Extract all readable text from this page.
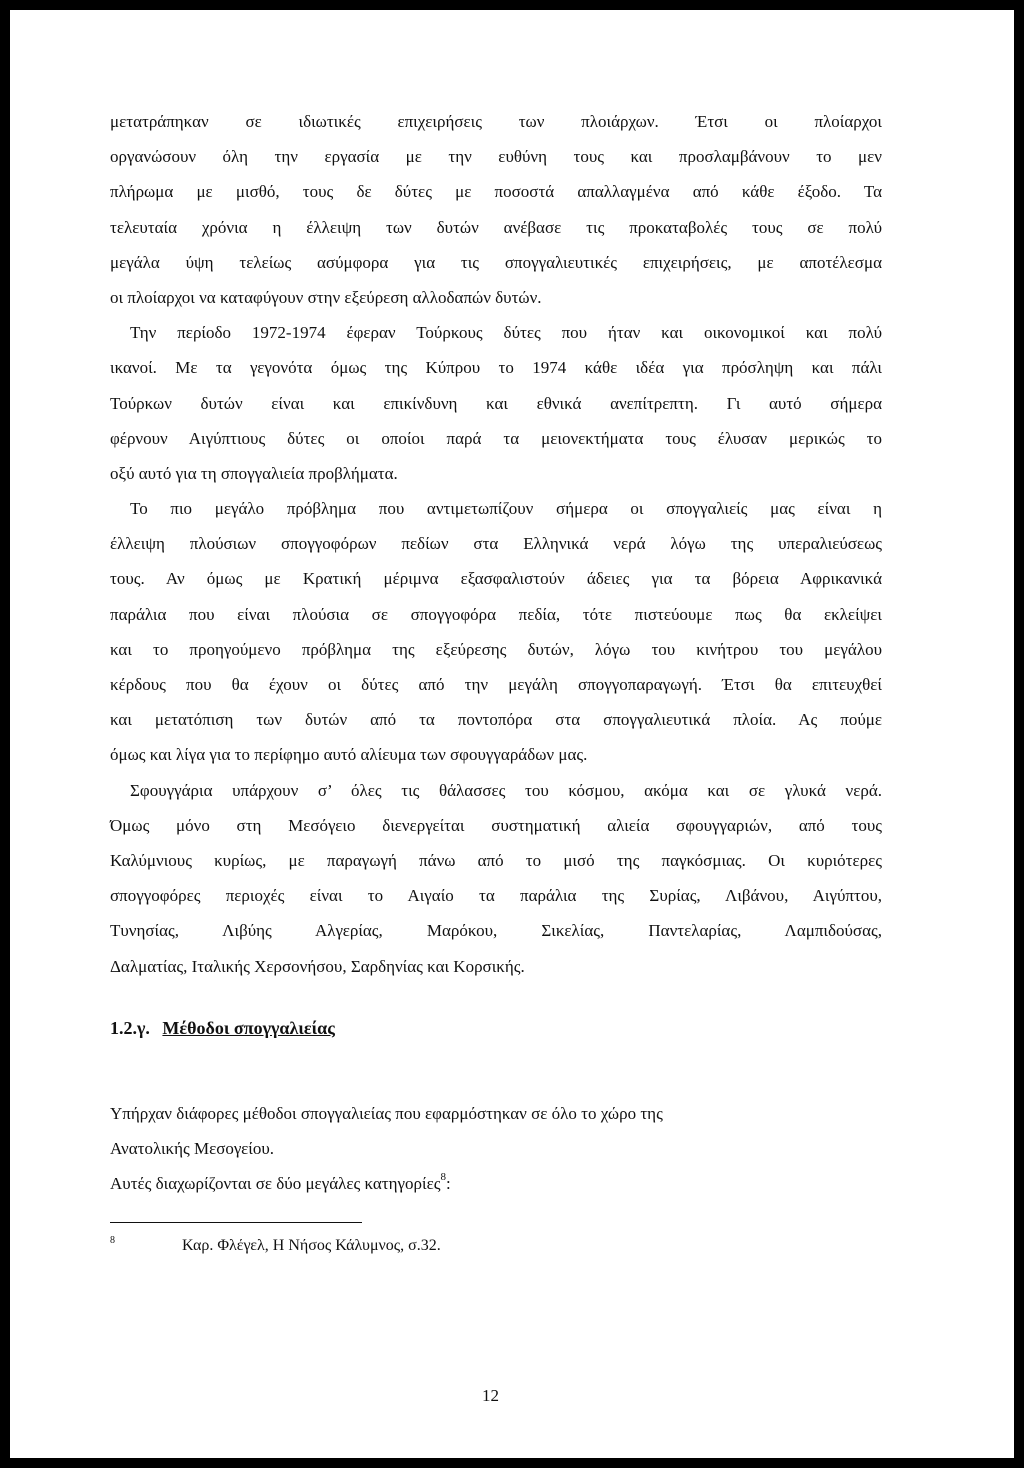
μετατράπηκαν σε ιδιωτικές επιχειρήσεις των πλοιάρχων. Έτσι οι πλοίαρχοι
οργανώσουν όλη την εργασία με την ευθύνη τους και προσλαμβάνουν το μεν
πλήρωμα με μισθό, τους δε δύτες με ποσοστά απαλλαγμένα από κάθε έξοδο. Τα
τελευταία χρόνια η έλλειψη των δυτών ανέβασε τις προκαταβολές τους σε πολύ
μεγάλα ύψη τελείως ασύμφορα για τις σπογγαλιευτικές επιχειρήσεις, με αποτέλεσμα
οι πλοίαρχοι να καταφύγουν στην εξεύρεση αλλοδαπών δυτών.
Την περίοδο 1972-1974 έφεραν Τούρκους δύτες που ήταν και οικονομικοί και πολύ
ικανοί. Με τα γεγονότα όμως της Κύπρου το 1974 κάθε ιδέα για πρόσληψη και πάλι
Τούρκων δυτών είναι και επικίνδυνη και εθνικά ανεπίτρεπτη. Γι αυτό σήμερα
φέρνουν Αιγύπτιους δύτες οι οποίοι παρά τα μειονεκτήματα τους έλυσαν μερικώς το
οξύ αυτό για τη σπογγαλιεία προβλήματα.
Το πιο μεγάλο πρόβλημα που αντιμετωπίζουν σήμερα οι σπογγαλιείς μας είναι η
έλλειψη πλούσιων σπογγοφόρων πεδίων στα Ελληνικά νερά λόγω της υπεραλιεύσεως
τους. Αν όμως με Κρατική μέριμνα εξασφαλιστούν άδειες για τα βόρεια Αφρικανικά
παράλια που είναι πλούσια σε σπογγοφόρα πεδία, τότε πιστεύουμε πως θα εκλείψει
και το προηγούμενο πρόβλημα της εξεύρεσης δυτών, λόγω του κινήτρου του μεγάλου
κέρδους που θα έχουν οι δύτες από την μεγάλη σπογγοπαραγωγή. Έτσι θα επιτευχθεί
και μετατόπιση των δυτών από τα ποντοπόρα στα σπογγαλιευτικά πλοία. Ας πούμε
όμως και λίγα για το περίφημο αυτό αλίευμα των σφουγγαράδων μας.
Σφουγγάρια υπάρχουν σ’ όλες τις θάλασσες του κόσμου, ακόμα και σε γλυκά νερά.
Όμως μόνο στη Μεσόγειο διενεργείται συστηματική αλιεία σφουγγαριών, από τους
Καλύμνιους κυρίως, με παραγωγή πάνω από το μισό της παγκόσμιας. Οι κυριότερες
σπογγοφόρες περιοχές είναι το Αιγαίο τα παράλια της Συρίας, Λιβάνου, Αιγύπτου,
Τυνησίας, Λιβύης Αλγερίας, Μαρόκου, Σικελίας, Παντελαρίας, Λαμπιδούσας,
Δαλματίας, Ιταλικής Χερσονήσου, Σαρδηνίας και Κορσικής.
1.2.γ. Μέθοδοι σπογγαλιείας
Υπήρχαν διάφορες μέθοδοι σπογγαλιείας που εφαρμόστηκαν σε όλο το χώρο της
Ανατολικής Μεσογείου.
Αυτές διαχωρίζονται σε δύο μεγάλες κατηγορίες$^8$:
8	Καρ. Φλέγελ, Η Νήσος Κάλυμνος, σ.32.
12
